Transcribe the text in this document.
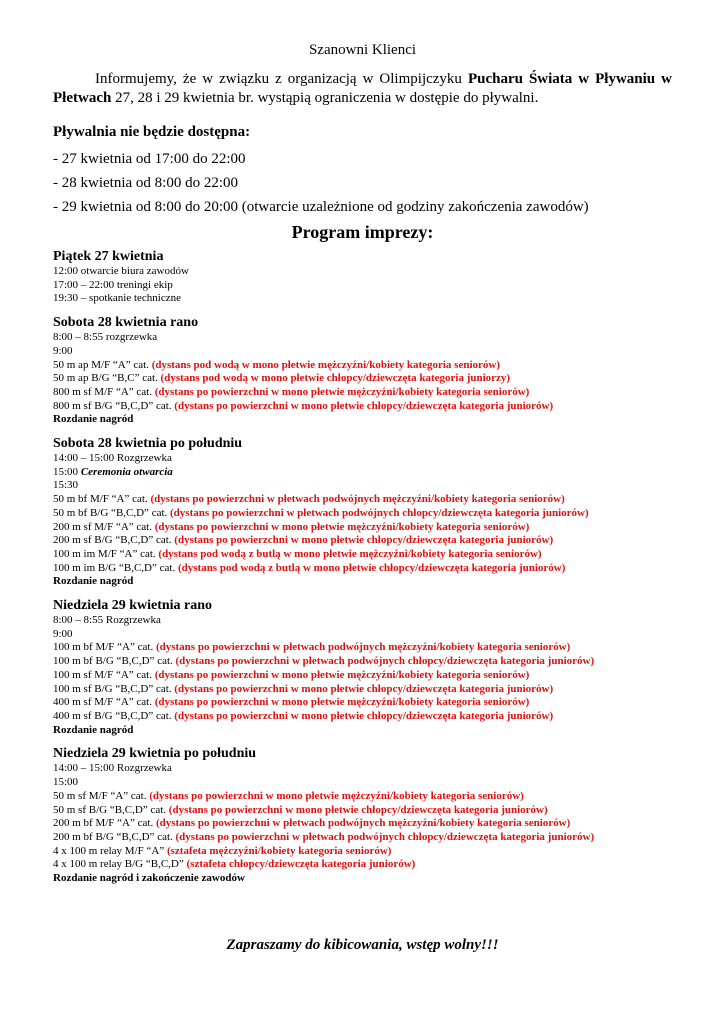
Szanowni Klienci
Informujemy, że w związku z organizacją w Olimpijczyku Pucharu Świata w Pływaniu w Płetwach 27, 28 i 29 kwietnia br. wystąpią ograniczenia w dostępie do pływalni.
Pływalnia nie będzie dostępna:
- 27 kwietnia od 17:00 do 22:00
- 28 kwietnia od 8:00 do 22:00
- 29 kwietnia od 8:00 do 20:00 (otwarcie uzależnione od godziny zakończenia zawodów)
Program imprezy:
Piątek 27 kwietnia
12:00 otwarcie biura zawodów
17:00 – 22:00 treningi ekip
19:30 – spotkanie techniczne
Sobota 28 kwietnia rano
8:00 – 8:55 rozgrzewka
9:00
50 m ap M/F “A” cat. (dystans pod wodą w mono płetwie mężczyźni/kobiety kategoria seniorów)
50 m ap B/G “B,C” cat. (dystans pod wodą w mono płetwie chłopcy/dziewczęta kategoria juniorzy)
800 m sf M/F “A” cat. (dystans po powierzchni w mono płetwie mężczyźni/kobiety kategoria seniorów)
800 m sf B/G “B,C,D” cat. (dystans po powierzchni w mono płetwie chłopcy/dziewczęta kategoria juniorów)
Rozdanie nagród
Sobota 28 kwietnia po południu
14:00 – 15:00 Rozgrzewka
15:00 Ceremonia otwarcia
15:30
50 m bf M/F “A” cat. (dystans po powierzchni w płetwach podwójnych mężczyźni/kobiety kategoria seniorów)
50 m bf B/G “B,C,D” cat. (dystans po powierzchni w płetwach podwójnych chłopcy/dziewczęta kategoria juniorów)
200 m sf M/F “A” cat. (dystans po powierzchni w mono płetwie mężczyźni/kobiety kategoria seniorów)
200 m sf B/G “B,C,D” cat. (dystans po powierzchni w mono płetwie chłopcy/dziewczęta kategoria juniorów)
100 m im M/F “A” cat. (dystans pod wodą z butlą w mono płetwie mężczyźni/kobiety kategoria seniorów)
100 m im B/G “B,C,D” cat. (dystans pod wodą z butlą w mono płetwie chłopcy/dziewczęta kategoria juniorów)
Rozdanie nagród
Niedziela 29 kwietnia rano
8:00 – 8:55 Rozgrzewka
9:00
100 m bf M/F “A” cat. (dystans po powierzchni w płetwach podwójnych mężczyźni/kobiety kategoria seniorów)
100 m bf B/G “B,C,D” cat. (dystans po powierzchni w płetwach podwójnych chłopcy/dziewczęta kategoria juniorów)
100 m sf M/F “A” cat. (dystans po powierzchni w mono płetwie mężczyźni/kobiety kategoria seniorów)
100 m sf B/G “B,C,D” cat. (dystans po powierzchni w mono płetwie chłopcy/dziewczęta kategoria juniorów)
400 m sf M/F “A” cat. (dystans po powierzchni w mono płetwie mężczyźni/kobiety kategoria seniorów)
400 m sf B/G “B,C,D” cat. (dystans po powierzchni w mono płetwie chłopcy/dziewczęta kategoria juniorów)
Rozdanie nagród
Niedziela 29 kwietnia po południu
14:00 – 15:00 Rozgrzewka
15:00
50 m sf M/F “A” cat. (dystans po powierzchni w mono płetwie mężczyźni/kobiety kategoria seniorów)
50 m sf B/G “B,C,D” cat. (dystans po powierzchni w mono płetwie chłopcy/dziewczęta kategoria juniorów)
200 m bf M/F “A” cat. (dystans po powierzchni w płetwach podwójnych mężczyźni/kobiety kategoria seniorów)
200 m bf B/G “B,C,D” cat. (dystans po powierzchni w płetwach podwójnych chłopcy/dziewczęta kategoria juniorów)
4 x 100 m relay M/F “A” (sztafeta mężczyźni/kobiety kategoria seniorów)
4 x 100 m relay B/G “B,C,D” (sztafeta chłopcy/dziewczęta kategoria juniorów)
Rozdanie nagród i zakończenie zawodów
Zapraszamy do kibicowania, wstęp wolny!!!
